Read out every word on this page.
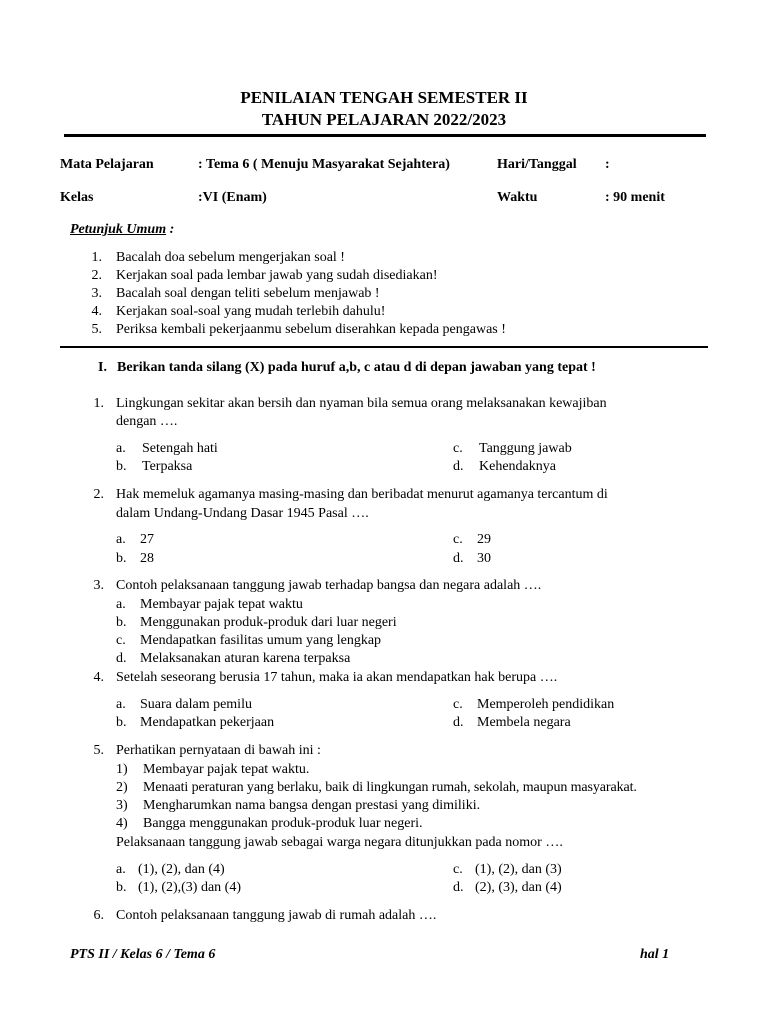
PENILAIAN TENGAH SEMESTER II
TAHUN PELAJARAN 2022/2023
Mata Pelajaran	: Tema 6 ( Menuju Masyarakat Sejahtera)	Hari/Tanggal :
Kelas	:VI (Enam)	Waktu	: 90 menit
Petunjuk Umum :
1. Bacalah doa sebelum mengerjakan soal !
2. Kerjakan soal pada lembar jawab yang sudah disediakan!
3. Bacalah soal dengan teliti sebelum menjawab !
4. Kerjakan soal-soal yang mudah terlebih dahulu!
5. Periksa kembali pekerjaanmu sebelum diserahkan kepada pengawas !
I. Berikan tanda silang (X) pada huruf a,b, c atau d di depan jawaban yang tepat !
1. Lingkungan sekitar akan bersih dan nyaman bila semua orang melaksanakan kewajiban
dengan ….
a. Setengah hati
b. Terpaksa
c. Tanggung jawab
d. Kehendaknya
2. Hak memeluk agamanya masing-masing dan beribadat menurut agamanya tercantum di
dalam Undang-Undang Dasar 1945 Pasal ….
a. 27
b. 28
c. 29
d. 30
3. Contoh pelaksanaan tanggung jawab terhadap bangsa dan negara adalah ….
a. Membayar pajak tepat waktu
b. Menggunakan produk-produk dari luar negeri
c. Mendapatkan fasilitas umum yang lengkap
d. Melaksanakan aturan karena terpaksa
4. Setelah seseorang berusia 17 tahun, maka ia akan mendapatkan hak berupa ….
a. Suara dalam pemilu
b. Mendapatkan pekerjaan
c. Memperoleh pendidikan
d. Membela negara
5. Perhatikan pernyataan di bawah ini :
1) Membayar pajak tepat waktu.
2) Menaati peraturan yang berlaku, baik di lingkungan rumah, sekolah, maupun masyarakat.
3) Mengharumkan nama bangsa dengan prestasi yang dimiliki.
4) Bangga menggunakan produk-produk luar negeri.
Pelaksanaan tanggung jawab sebagai warga negara ditunjukkan pada nomor ….
a. (1), (2), dan (4)
b. (1), (2),(3) dan (4)
c. (1), (2), dan (3)
d. (2), (3), dan (4)
6. Contoh pelaksanaan tanggung jawab di rumah adalah ….
PTS II / Kelas 6 / Tema 6	hal 1
